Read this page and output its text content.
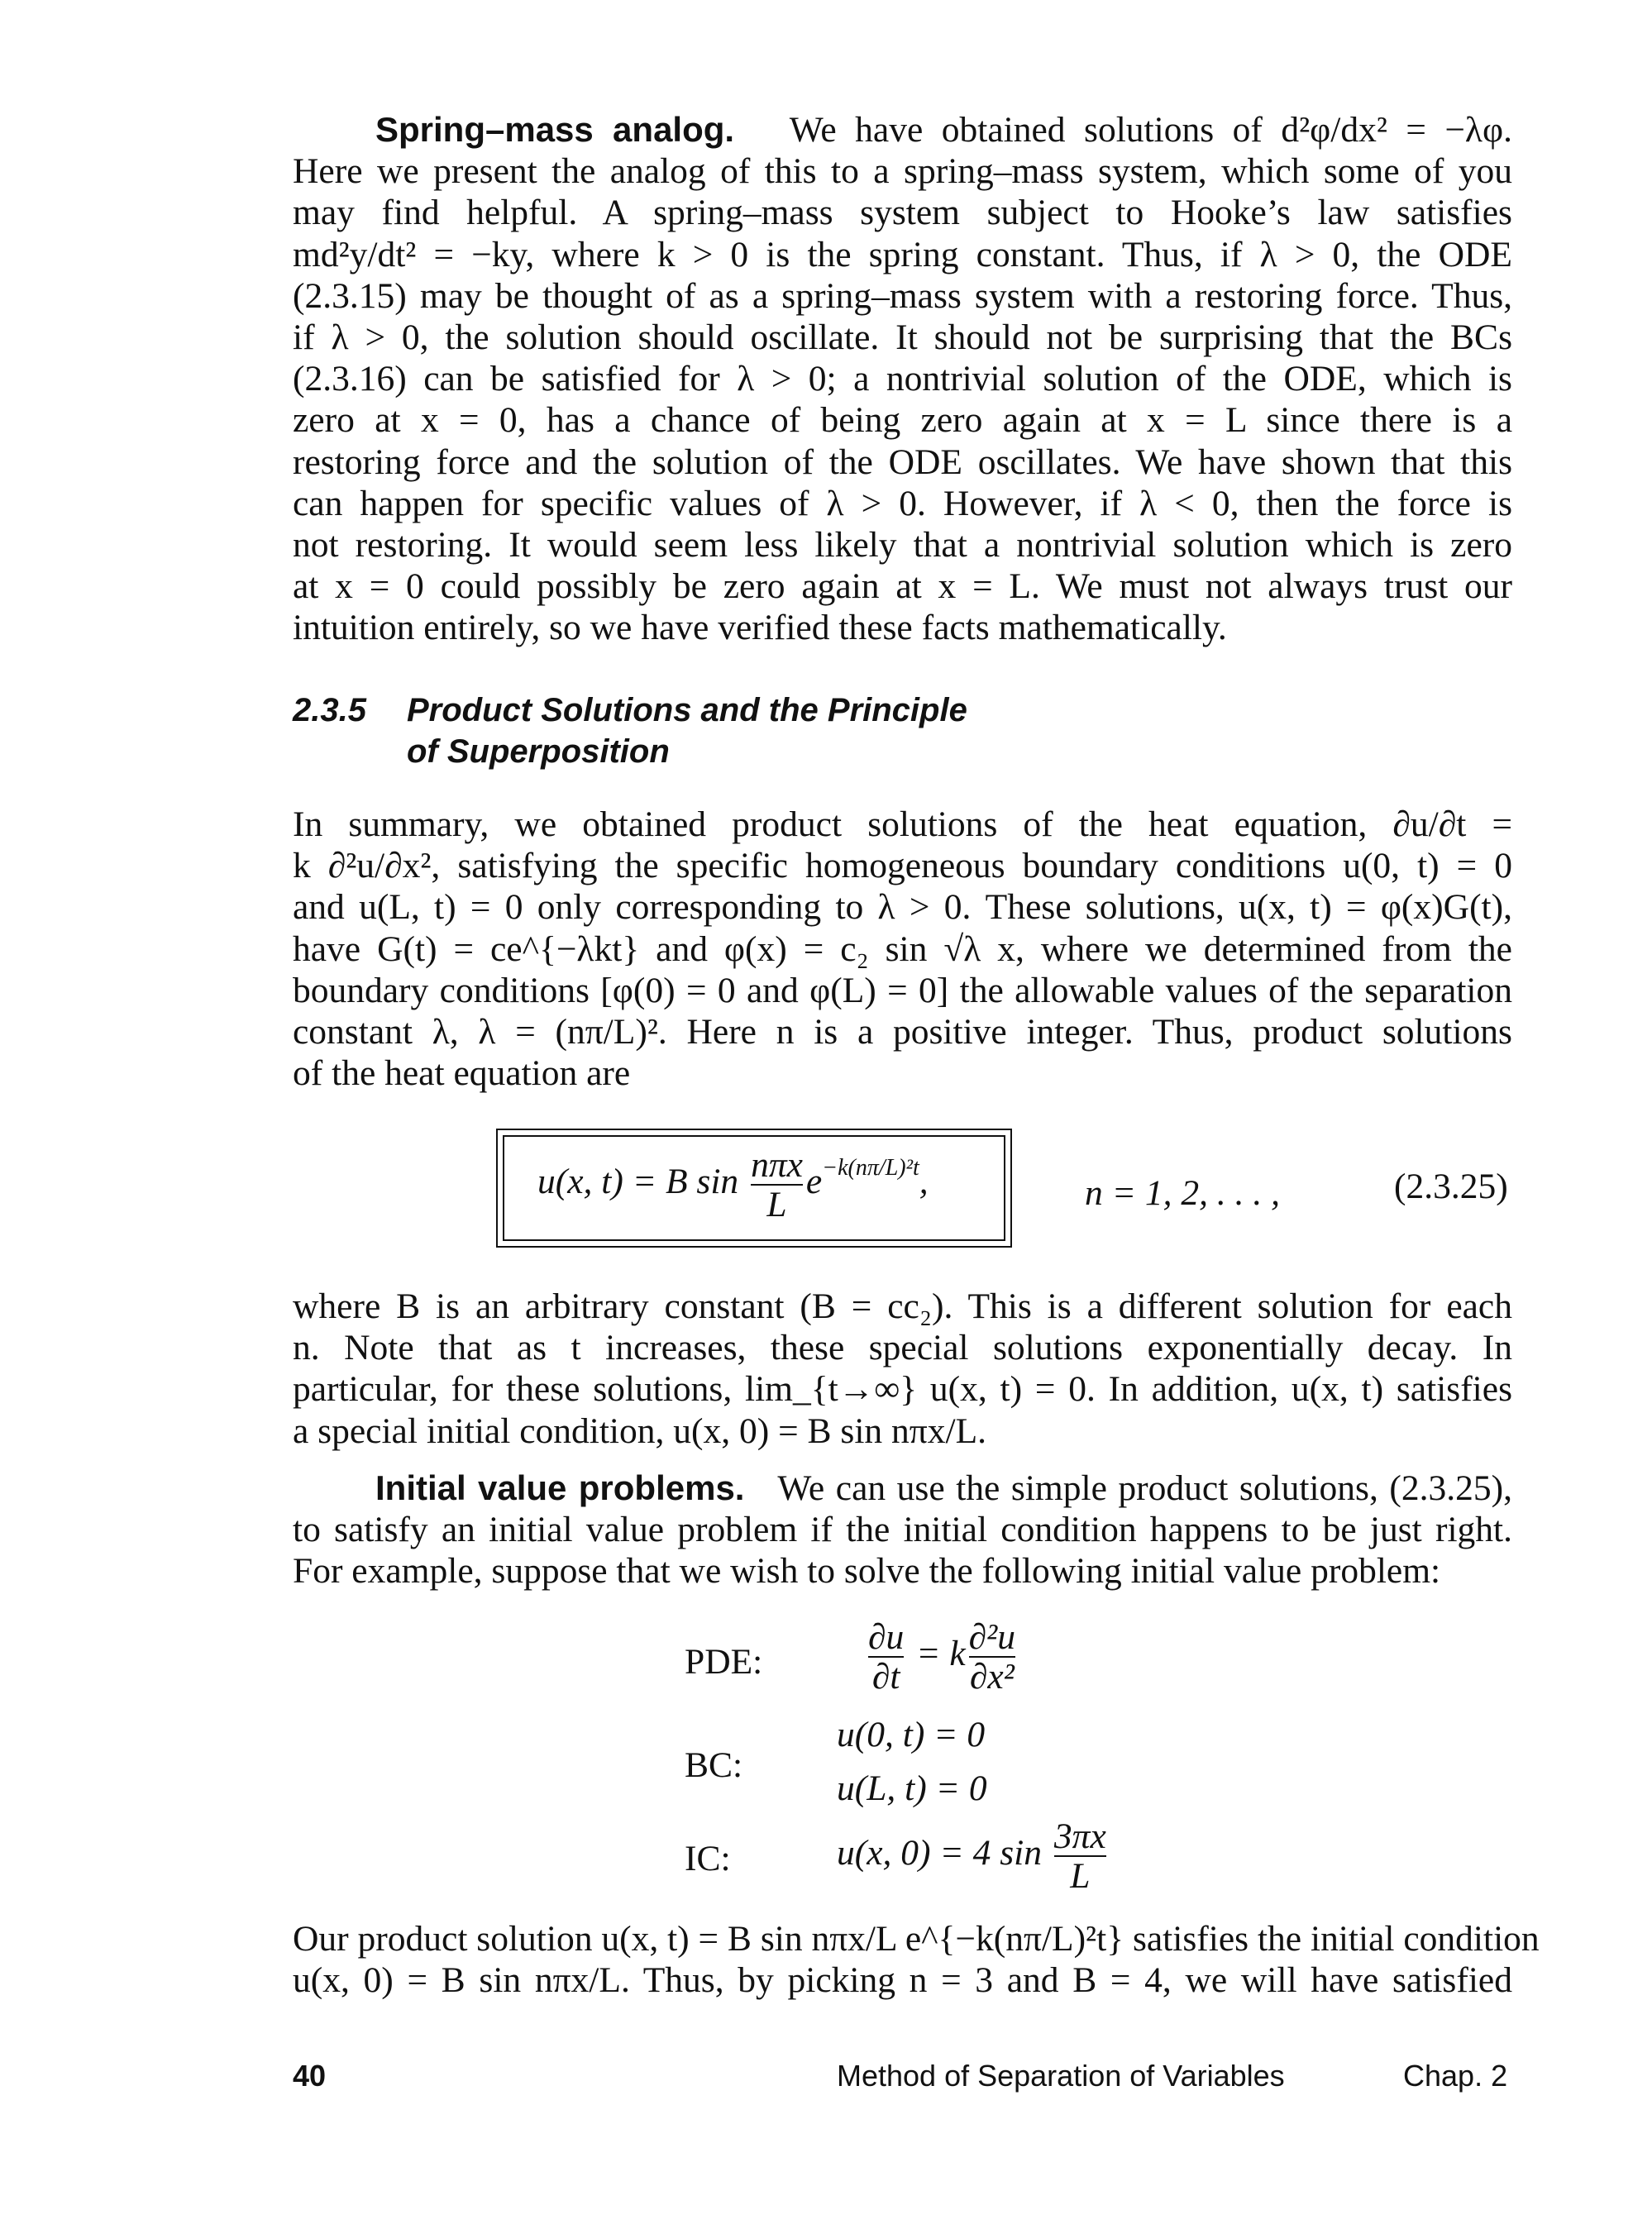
Spring–mass analog. We have obtained solutions of d²φ/dx² = −λφ.
Here we present the analog of this to a spring–mass system, which some of you
may find helpful. A spring–mass system subject to Hooke’s law satisfies
md²y/dt² = −ky, where k > 0 is the spring constant. Thus, if λ > 0, the ODE
(2.3.15) may be thought of as a spring–mass system with a restoring force. Thus,
if λ > 0, the solution should oscillate. It should not be surprising that the BCs
(2.3.16) can be satisfied for λ > 0; a nontrivial solution of the ODE, which is
zero at x = 0, has a chance of being zero again at x = L since there is a
restoring force and the solution of the ODE oscillates. We have shown that this
can happen for specific values of λ > 0. However, if λ < 0, then the force is
not restoring. It would seem less likely that a nontrivial solution which is zero
at x = 0 could possibly be zero again at x = L. We must not always trust our
intuition entirely, so we have verified these facts mathematically.
2.3.5 Product Solutions and the Principle
of Superposition
In summary, we obtained product solutions of the heat equation, ∂u/∂t =
k ∂²u/∂x², satisfying the specific homogeneous boundary conditions u(0, t) = 0
and u(L, t) = 0 only corresponding to λ > 0. These solutions, u(x, t) = φ(x)G(t),
have G(t) = ce^{−λkt} and φ(x) = c₂ sin √λ x, where we determined from the
boundary conditions [φ(0) = 0 and φ(L) = 0] the allowable values of the separation
constant λ, λ = (nπ/L)². Here n is a positive integer. Thus, product solutions
of the heat equation are
u(x, t) = B $\sin \frac{\text{nπx}}{L} e^{-k(n\pi/L)^2t}$,	n = 1, 2, . . . ,	(2.3.25)
where B is an arbitrary constant (B = cc₂). This is a different solution for each
n. Note that as t increases, these special solutions exponentially decay. In
particular, for these solutions, lim_{t→∞} u(x, t) = 0. In addition, u(x, t) satisfies
a special initial condition, u(x, 0) = B sin nπx/L.
Initial value problems. We can use the simple product solutions, (2.3.25),
to satisfy an initial value problem if the initial condition happens to be just right.
For example, suppose that we wish to solve the following initial value problem:
PDE:	$\frac{\partial u}{\partial t} = k \frac{\text{∂²u}}{\text{∂x²}}$
BC:
u(0, t) = 0
u(L, t) = 0
IC:	u(x, 0) = 4 $\sin \frac{3\pi x}{L}$
Our product solution u(x, t) = B sin nπx/L e^{−k(nπ/L)²t} satisfies the initial condition
u(x, 0) = B sin nπx/L. Thus, by picking n = 3 and B = 4, we will have satisfied
40	Method of Separation of Variables	Chap. 2
